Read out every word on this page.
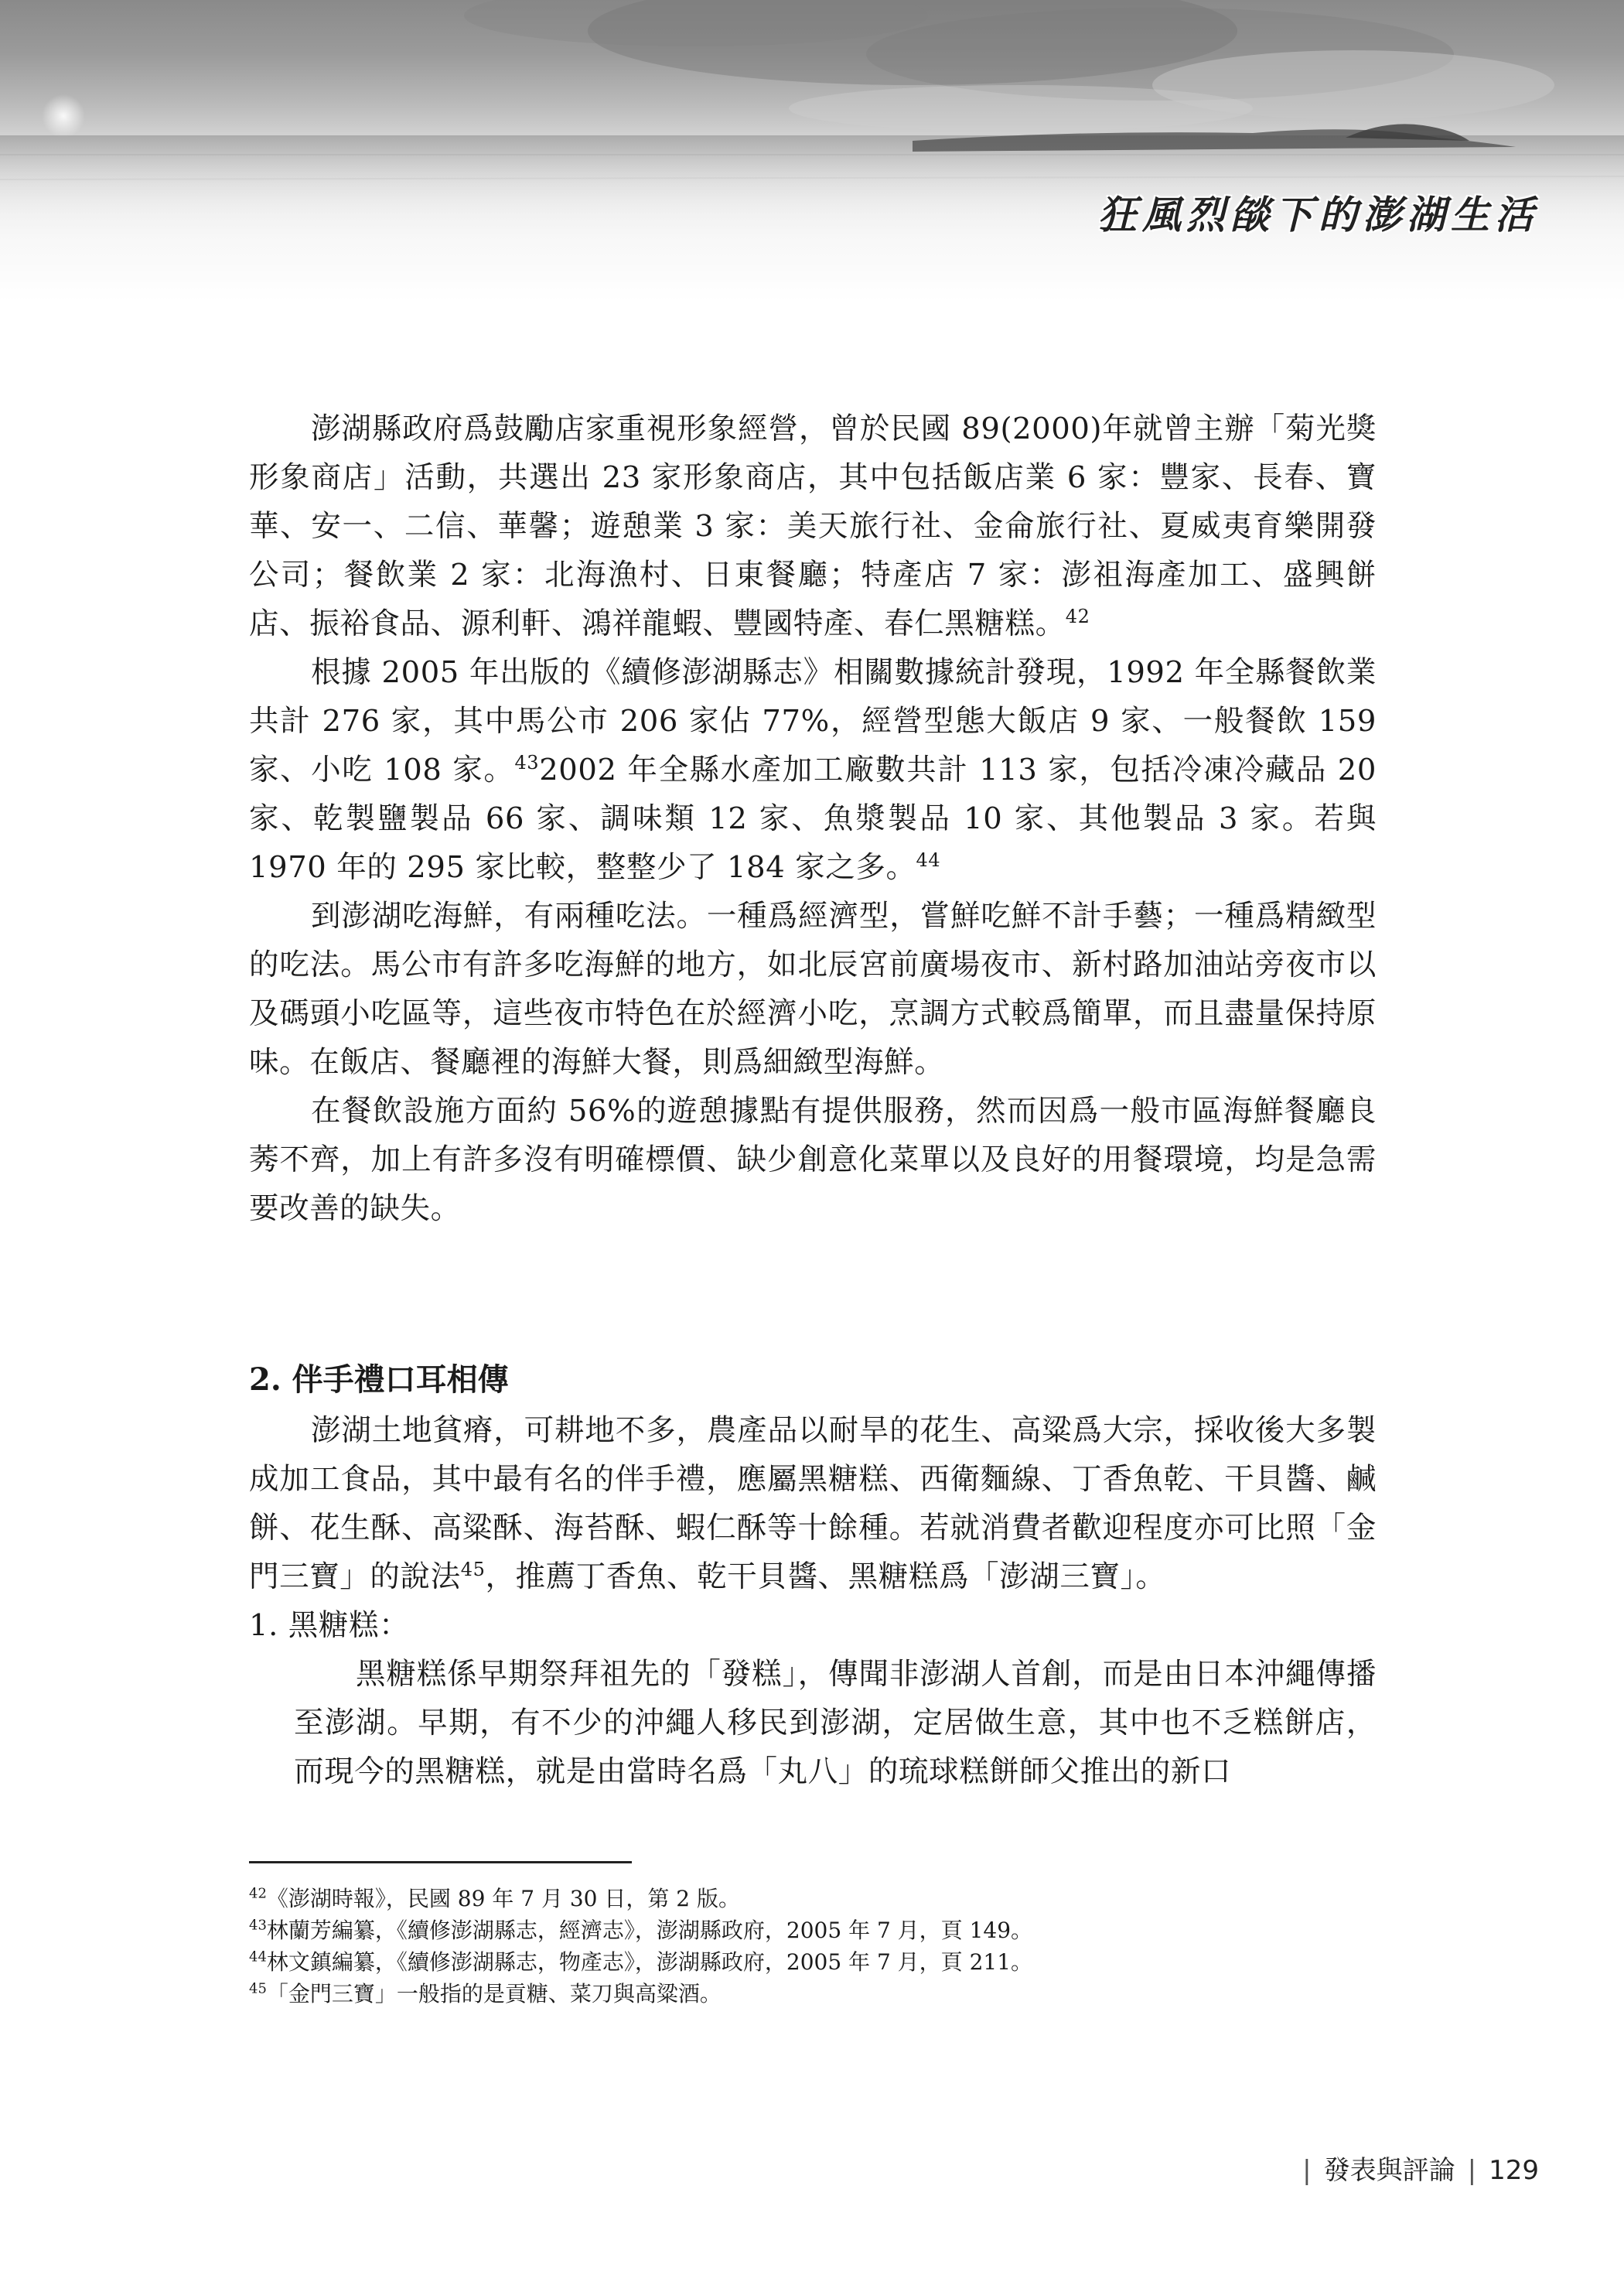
狂風烈燄下的澎湖生活

澎湖縣政府爲鼓勵店家重視形象經營，曾於民國 89(2000)年就曾主辦「菊光獎形象商店」活動，共選出 23 家形象商店，其中包括飯店業 6 家：豐家、長春、寶華、安一、二信、華馨；遊憩業 3 家：美天旅行社、金侖旅行社、夏威夷育樂開發公司；餐飲業 2 家：北海漁村、日東餐廳；特產店 7 家：澎祖海產加工、盛興餅店、振裕食品、源利軒、鴻祥龍蝦、豐國特產、春仁黑糖糕。$^{42}$

根據 2005 年出版的《續修澎湖縣志》相關數據統計發現，1992 年全縣餐飲業共計 276 家，其中馬公市 206 家佔 77%，經營型態大飯店 9 家、一般餐飲 159 家、小吃 108 家。$^{43}$2002 年全縣水產加工廠數共計 113 家，包括冷凍冷藏品 20 家、乾製鹽製品 66 家、調味類 12 家、魚漿製品 10 家、其他製品 3 家。若與 1970 年的 295 家比較，整整少了 184 家之多。$^{44}$

到澎湖吃海鮮，有兩種吃法。一種爲經濟型，嘗鮮吃鮮不計手藝；一種爲精緻型的吃法。馬公市有許多吃海鮮的地方，如北辰宮前廣場夜市、新村路加油站旁夜市以及碼頭小吃區等，這些夜市特色在於經濟小吃，烹調方式較爲簡單，而且盡量保持原味。在飯店、餐廳裡的海鮮大餐，則爲細緻型海鮮。

在餐飲設施方面約 56%的遊憩據點有提供服務，然而因爲一般市區海鮮餐廳良莠不齊，加上有許多沒有明確標價、缺少創意化菜單以及良好的用餐環境，均是急需要改善的缺失。

2. 伴手禮口耳相傳

澎湖土地貧瘠，可耕地不多，農產品以耐旱的花生、高粱爲大宗，採收後大多製成加工食品，其中最有名的伴手禮，應屬黑糖糕、西衛麵線、丁香魚乾、干貝醬、鹹餅、花生酥、高粱酥、海苔酥、蝦仁酥等十餘種。若就消費者歡迎程度亦可比照「金門三寶」的說法$^{45}$，推薦丁香魚、乾干貝醬、黑糖糕爲「澎湖三寶」。

1. 黑糖糕：

黑糖糕係早期祭拜祖先的「發糕」，傳聞非澎湖人首創，而是由日本沖繩傳播至澎湖。早期，有不少的沖繩人移民到澎湖，定居做生意，其中也不乏糕餅店，而現今的黑糖糕，就是由當時名爲「丸八」的琉球糕餅師父推出的新口

$^{42}$《澎湖時報》，民國 89 年 7 月 30 日，第 2 版。
$^{43}$林蘭芳編纂，《續修澎湖縣志，經濟志》，澎湖縣政府，2005 年 7 月，頁 149。
$^{44}$林文鎮編纂，《續修澎湖縣志，物產志》，澎湖縣政府，2005 年 7 月，頁 211。
$^{45}$「金門三寶」一般指的是貢糖、菜刀與高粱酒。
| 發表與評論 | 129
